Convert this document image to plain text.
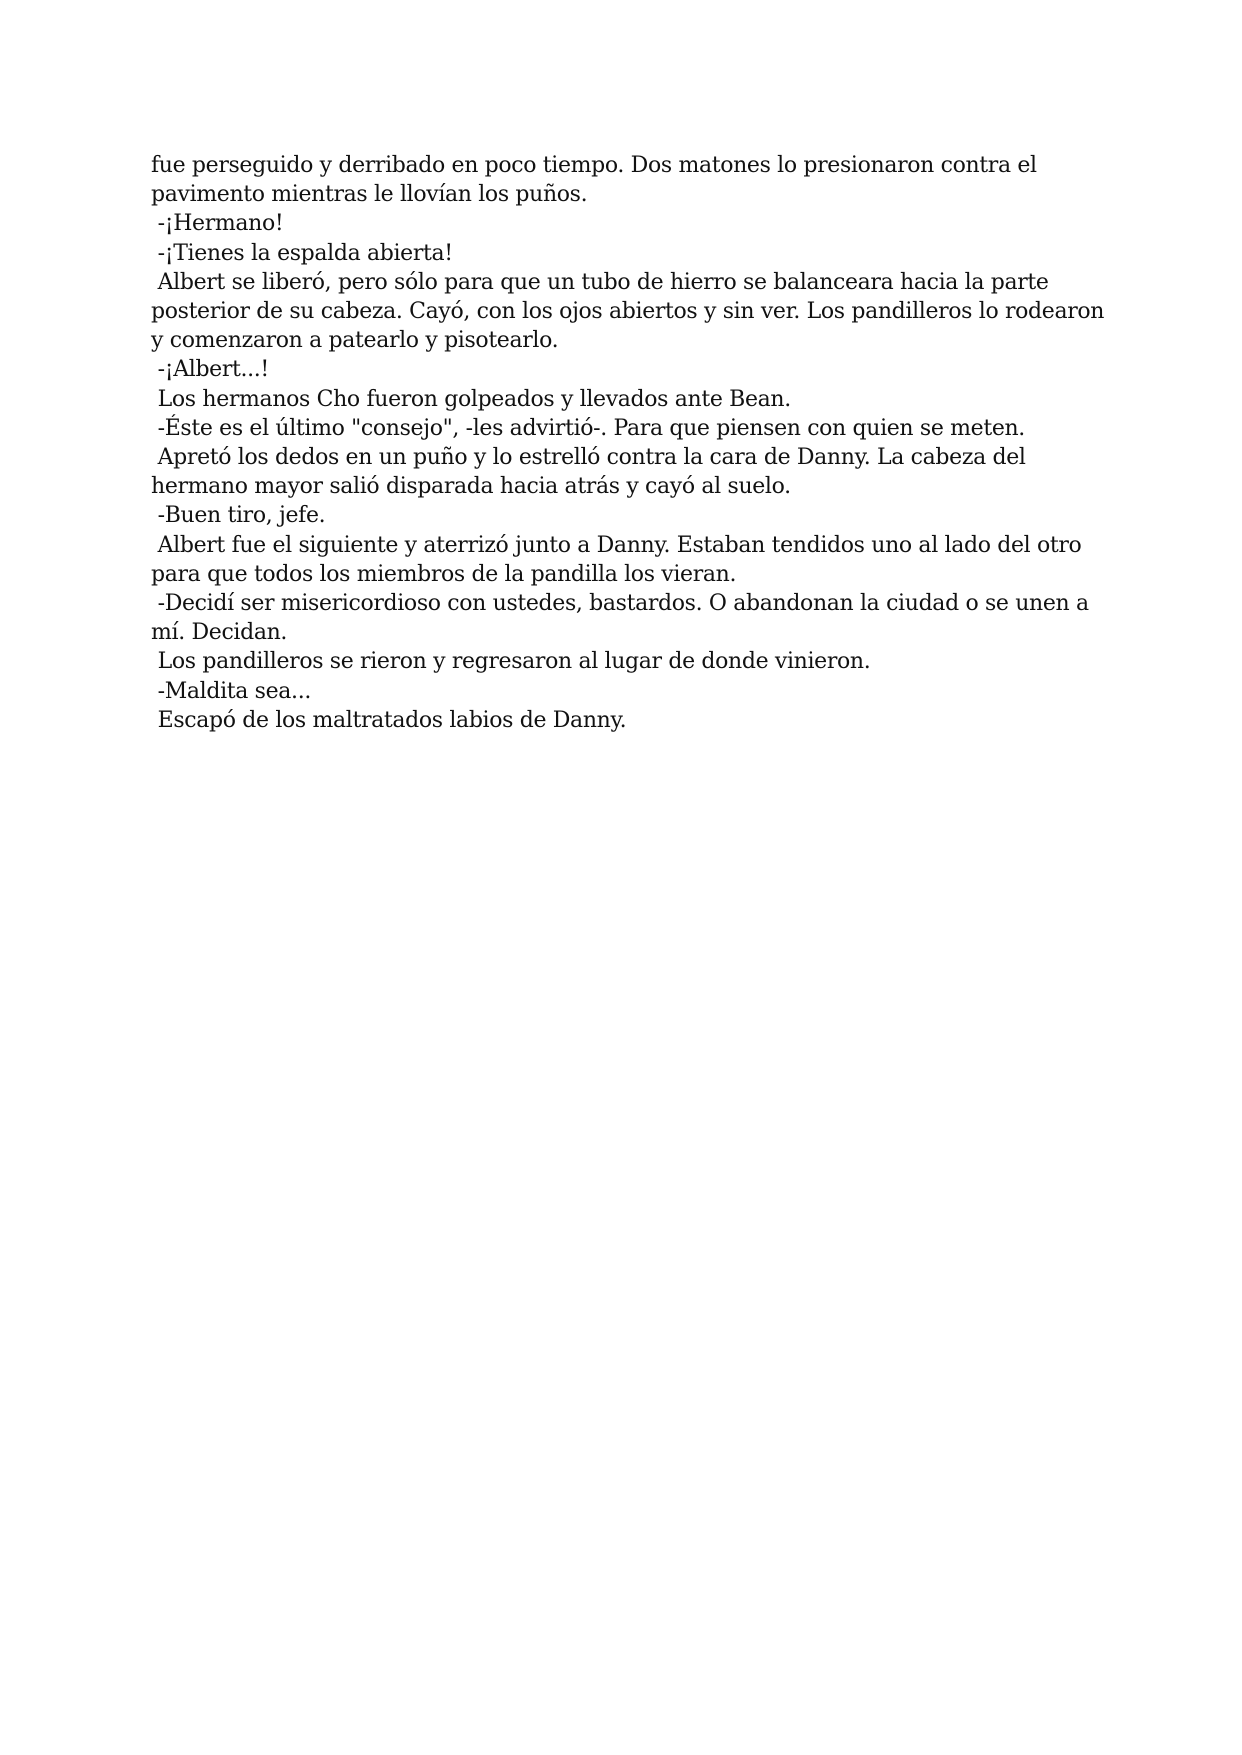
fue perseguido y derribado en poco tiempo. Dos matones lo presionaron contra el
pavimento mientras le llovían los puños.
-¡Hermano!
-¡Tienes la espalda abierta!
Albert se liberó, pero sólo para que un tubo de hierro se balanceara hacia la parte
posterior de su cabeza. Cayó, con los ojos abiertos y sin ver. Los pandilleros lo rodearon
y comenzaron a patearlo y pisotearlo.
-¡Albert...!
Los hermanos Cho fueron golpeados y llevados ante Bean.
-Éste es el último "consejo", -les advirtió-. Para que piensen con quien se meten.
Apretó los dedos en un puño y lo estrelló contra la cara de Danny. La cabeza del
hermano mayor salió disparada hacia atrás y cayó al suelo.
-Buen tiro, jefe.
Albert fue el siguiente y aterrizó junto a Danny. Estaban tendidos uno al lado del otro
para que todos los miembros de la pandilla los vieran.
-Decidí ser misericordioso con ustedes, bastardos. O abandonan la ciudad o se unen a
mí. Decidan.
Los pandilleros se rieron y regresaron al lugar de donde vinieron.
-Maldita sea...
Escapó de los maltratados labios de Danny.
